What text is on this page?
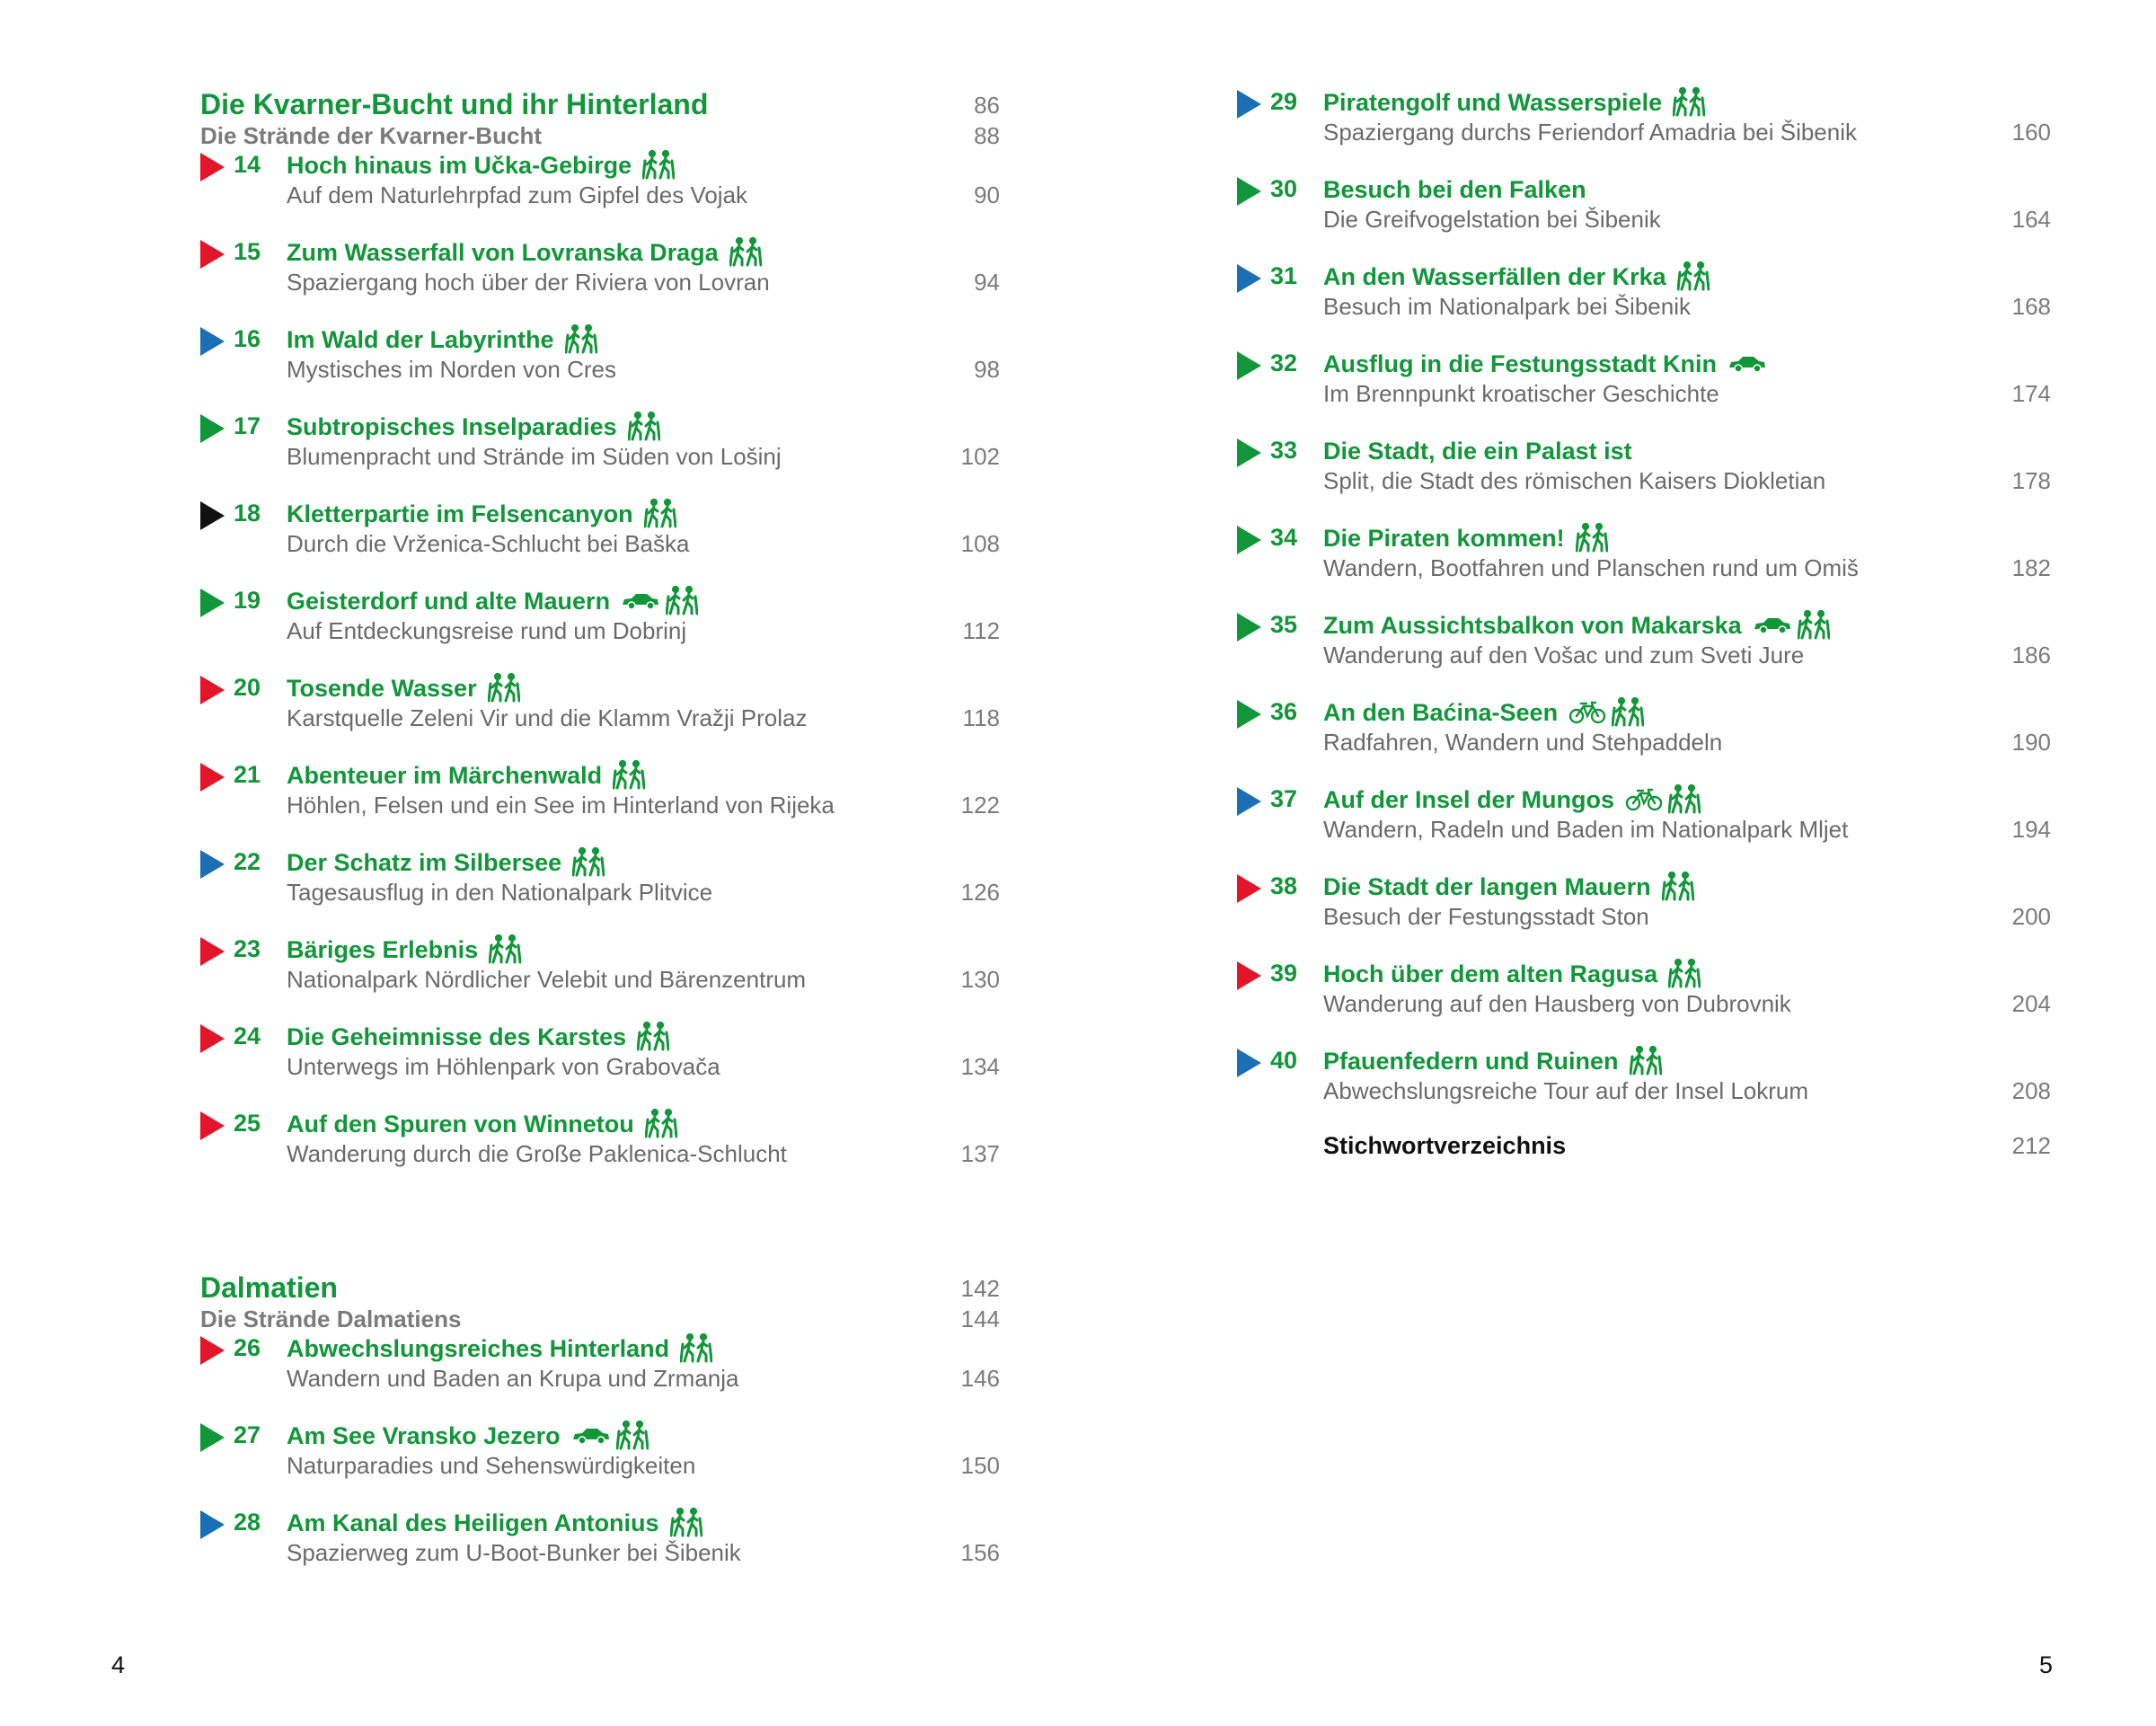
Die Kvarner-Bucht und ihr Hinterland	86
Die Strände der Kvarner-Bucht	88
14	Hoch hinaus im Učka-Gebirge
Auf dem Naturlehrpfad zum Gipfel des Vojak	90
15	Zum Wasserfall von Lovranska Draga
Spaziergang hoch über der Riviera von Lovran	94
16	Im Wald der Labyrinthe
Mystisches im Norden von Cres	98
17	Subtropisches Inselparadies
Blumenpracht und Strände im Süden von Lošinj	102
18	Kletterpartie im Felsencanyon
Durch die Vrženica-Schlucht bei Baška	108
19	Geisterdorf und alte Mauern
Auf Entdeckungsreise rund um Dobrinj	112
20	Tosende Wasser
Karstquelle Zeleni Vir und die Klamm Vražji Prolaz	118
21	Abenteuer im Märchenwald
Höhlen, Felsen und ein See im Hinterland von Rijeka	122
22	Der Schatz im Silbersee
Tagesausflug in den Nationalpark Plitvice	126
23	Bäriges Erlebnis
Nationalpark Nördlicher Velebit und Bärenzentrum	130
24	Die Geheimnisse des Karstes
Unterwegs im Höhlenpark von Grabovača	134
25	Auf den Spuren von Winnetou
Wanderung durch die Große Paklenica-Schlucht	137
Dalmatien	142
Die Strände Dalmatiens	144
26	Abwechslungsreiches Hinterland
Wandern und Baden an Krupa und Zrmanja	146
27	Am See Vransko Jezero
Naturparadies und Sehenswürdigkeiten	150
28	Am Kanal des Heiligen Antonius
Spazierweg zum U-Boot-Bunker bei Šibenik	156
4
29	Piratengolf und Wasserspiele
Spaziergang durchs Feriendorf Amadria bei Šibenik	160
30	Besuch bei den Falken
Die Greifvogelstation bei Šibenik	164
31	An den Wasserfällen der Krka
Besuch im Nationalpark bei Šibenik	168
32	Ausflug in die Festungsstadt Knin
Im Brennpunkt kroatischer Geschichte	174
33	Die Stadt, die ein Palast ist
Split, die Stadt des römischen Kaisers Diokletian	178
34	Die Piraten kommen!
Wandern, Bootfahren und Planschen rund um Omiš	182
35	Zum Aussichtsbalkon von Makarska
Wanderung auf den Vošac und zum Sveti Jure	186
36	An den Baćina-Seen
Radfahren, Wandern und Stehpaddeln	190
37	Auf der Insel der Mungos
Wandern, Radeln und Baden im Nationalpark Mljet	194
38	Die Stadt der langen Mauern
Besuch der Festungsstadt Ston	200
39	Hoch über dem alten Ragusa
Wanderung auf den Hausberg von Dubrovnik	204
40	Pfauenfedern und Ruinen
Abwechslungsreiche Tour auf der Insel Lokrum	208
Stichwortverzeichnis	212
5
